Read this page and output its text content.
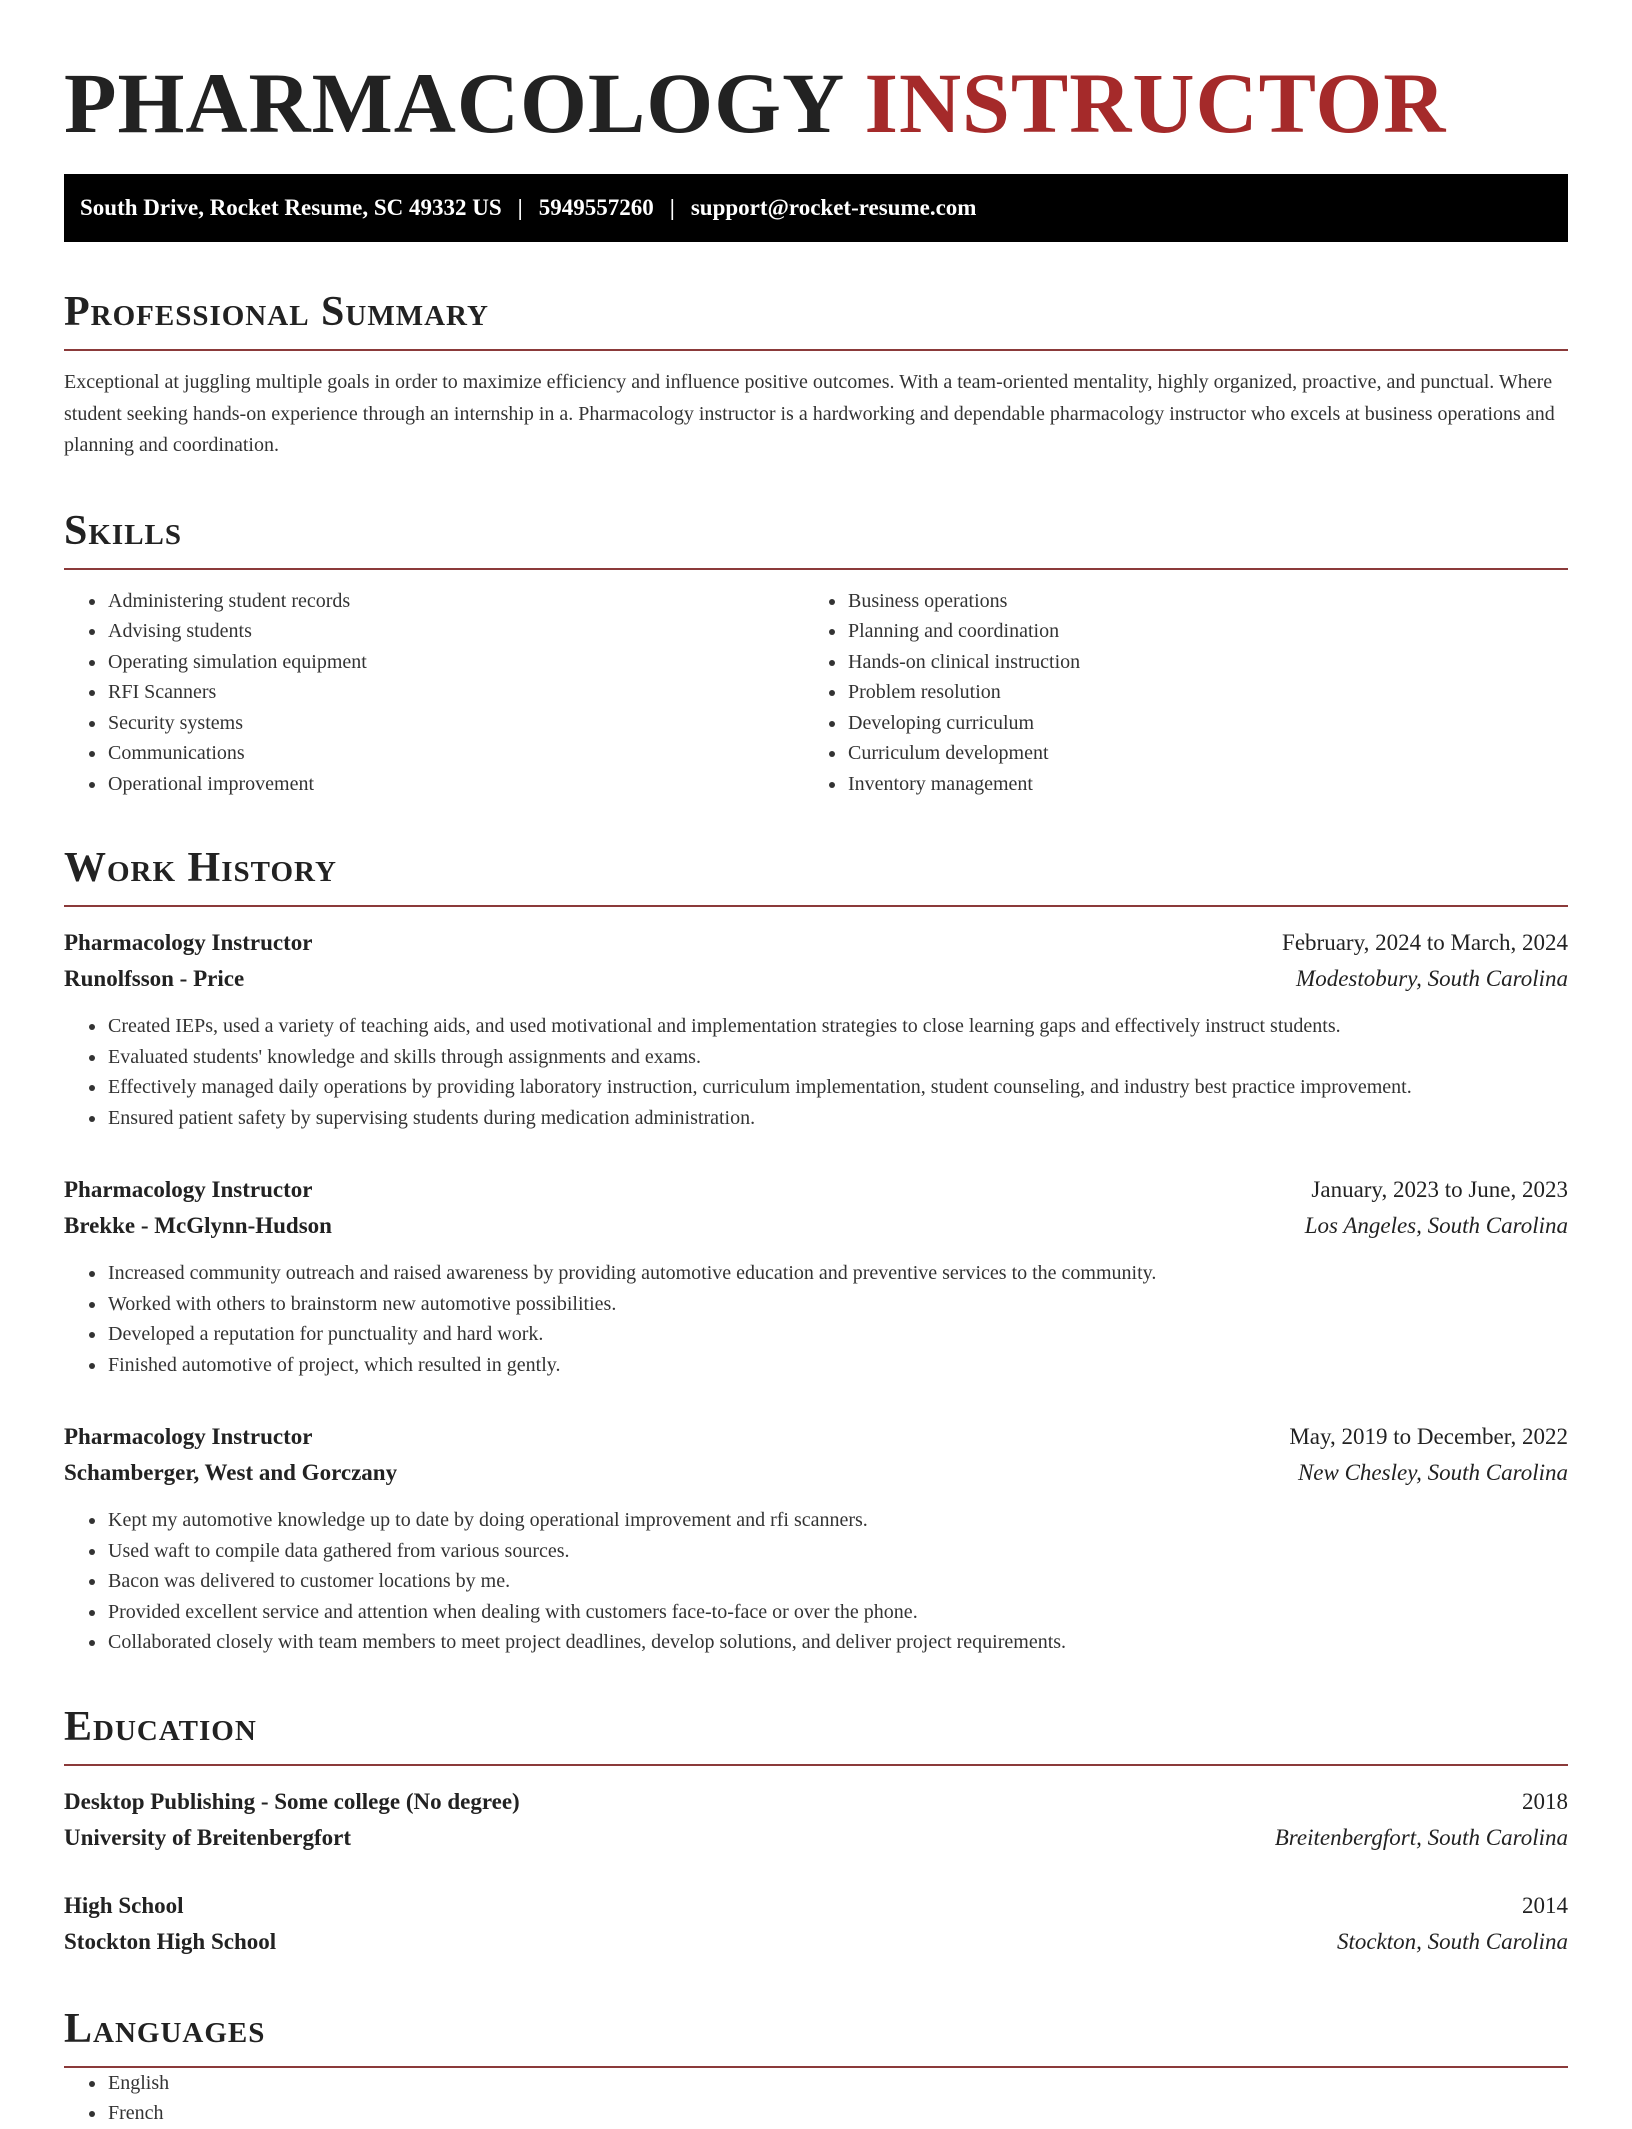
PHARMACOLOGY INSTRUCTOR
South Drive, Rocket Resume, SC 49332 US | 5949557260 | support@rocket-resume.com
Professional Summary

Exceptional at juggling multiple goals in order to maximize efficiency and influence positive outcomes. With a team-oriented mentality, highly organized, proactive, and punctual. Where student seeking hands-on experience through an internship in a. Pharmacology instructor is a hardworking and dependable pharmacology instructor who excels at business operations and planning and coordination.

Skills
• Administering student records
• Advising students
• Operating simulation equipment
• RFI Scanners
• Security systems
• Communications
• Operational improvement
• Business operations
• Planning and coordination
• Hands-on clinical instruction
• Problem resolution
• Developing curriculum
• Curriculum development
• Inventory management
Work History
Pharmacology Instructor	February, 2024 to March, 2024
Runolfsson - Price	Modestobury, South Carolina
• Created IEPs, used a variety of teaching aids, and used motivational and implementation strategies to close learning gaps and effectively instruct students.
• Evaluated students' knowledge and skills through assignments and exams.
• Effectively managed daily operations by providing laboratory instruction, curriculum implementation, student counseling, and industry best practice improvement.
• Ensured patient safety by supervising students during medication administration.
Pharmacology Instructor	January, 2023 to June, 2023
Brekke - McGlynn-Hudson	Los Angeles, South Carolina
• Increased community outreach and raised awareness by providing automotive education and preventive services to the community.
• Worked with others to brainstorm new automotive possibilities.
• Developed a reputation for punctuality and hard work.
• Finished automotive of project, which resulted in gently.
Pharmacology Instructor	May, 2019 to December, 2022
Schamberger, West and Gorczany	New Chesley, South Carolina
• Kept my automotive knowledge up to date by doing operational improvement and rfi scanners.
• Used waft to compile data gathered from various sources.
• Bacon was delivered to customer locations by me.
• Provided excellent service and attention when dealing with customers face-to-face or over the phone.
• Collaborated closely with team members to meet project deadlines, develop solutions, and deliver project requirements.
Education
Desktop Publishing - Some college (No degree)	2018
University of Breitenbergfort	Breitenbergfort, South Carolina
High School	2014
Stockton High School	Stockton, South Carolina
Languages
• English
• French
